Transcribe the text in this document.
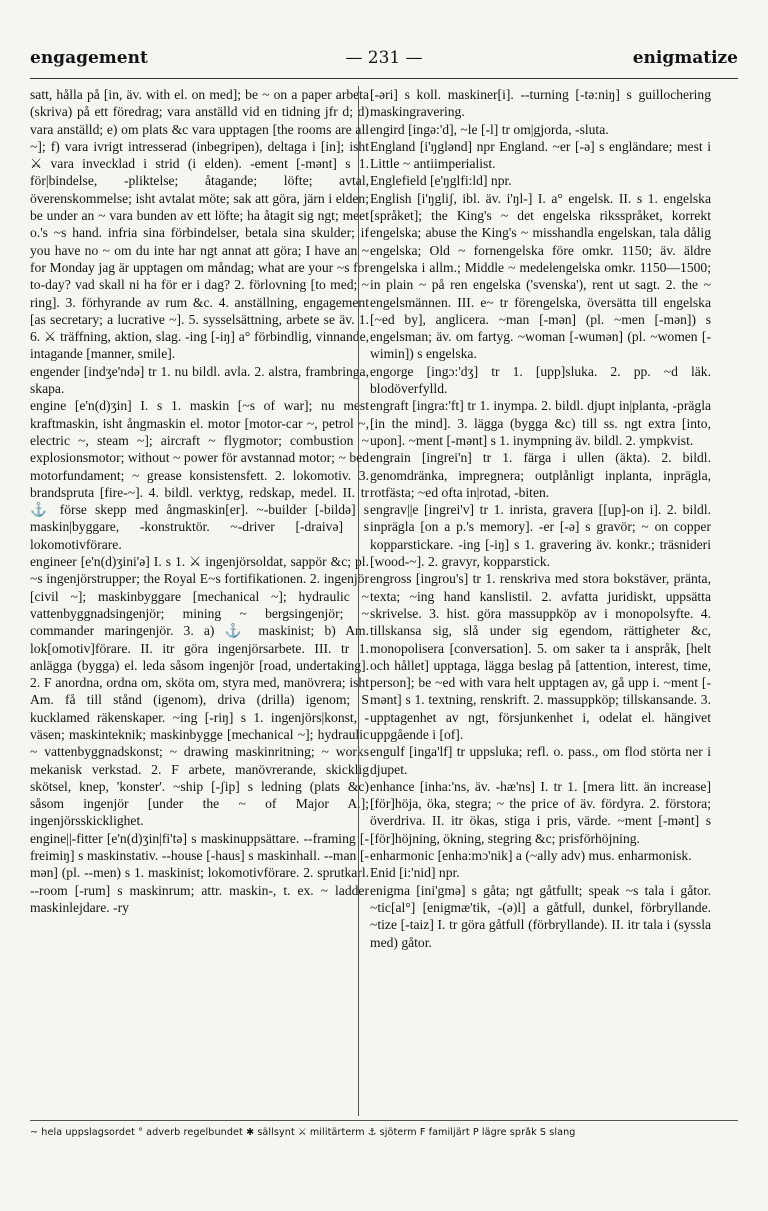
engagement	— 231 —	enigmatize

satt, hålla på [in, äv. with el. on med]; be ~ on a paper arbeta (skriva) på ett föredrag; vara anställd vid en tidning jfr d; d) vara anställd; e) om plats &c vara upptagen [the rooms are all ~]; f) vara ivrigt intresserad (inbegripen), deltaga i [in]; isht ⚔ vara invecklad i strid (i elden). -ement [-mənt] s 1. för|bindelse, -pliktelse; åtagande; löfte; avtal, överenskommelse; isht avtalat möte; sak att göra, järn i elden; be under an ~ vara bunden av ett löfte; ha åtagit sig ngt; meet o.'s ~s hand. infria sina förbindelser, betala sina skulder; if you have no ~ om du inte har ngt annat att göra; I have an ~ for Monday jag är upptagen om måndag; what are your ~s for to-day? vad skall ni ha för er i dag? 2. förlovning [to med; ~ ring]. 3. förhyrande av rum &c. 4. anställning, engagement [as secretary; a lucrative ~]. 5. sysselsättning, arbete se äv. 1. 6. ⚔ träffning, aktion, slag. -ing [-iŋ] a° förbindlig, vinnande, intagande [manner, smile].

engender [indʒe'ndə] tr 1. nu bildl. avla. 2. alstra, frambringa, skapa.

engine [e'n(d)ʒin] I. s 1. maskin [~s of war]; nu mest kraftmaskin, isht ångmaskin el. motor [motor-car ~, petrol ~, electric ~, steam ~]; aircraft ~ flygmotor; combustion ~ explosionsmotor; without ~ power för avstannad motor; ~ bed motorfundament; ~ grease konsistensfett. 2. lokomotiv. 3. brandspruta [fire-~]. 4. bildl. verktyg, redskap, medel. II. tr ⚓ förse skepp med ångmaskin[er]. ~-builder [-bildə] s maskin|byggare, -konstruktör. ~-driver [-draivə] s lokomotivförare.

engineer [e'n(d)ʒini'ə] I. s 1. ⚔ ingenjörsoldat, sappör &c; pl. ~s ingenjörstrupper; the Royal E~s fortifikationen. 2. ingenjör [civil ~]; maskinbyggare [mechanical ~]; hydraulic ~ vattenbyggnadsingenjör; mining ~ bergsingenjör; ~ commander maringenjör. 3. a) ⚓ maskinist; b) Am. lok[omotiv]förare. II. itr göra ingenjörsarbete. III. tr 1. anlägga (bygga) el. leda såsom ingenjör [road, undertaking]. 2. F anordna, ordna om, sköta om, styra med, manövrera; isht Am. få till stånd (igenom), driva (drilla) igenom; S kucklamed räkenskaper. ~ing [-riŋ] s 1. ingenjörs|konst, -väsen; maskinteknik; maskinbygge [mechanical ~]; hydraulic ~ vattenbyggnadskonst; ~ drawing maskinritning; ~ works mekanisk verkstad. 2. F arbete, manövrerande, skicklig skötsel, knep, 'konster'. ~ship [-ʃip] s ledning (plats &c) såsom ingenjör [under the ~ of Major A.]; ingenjörsskicklighet.

engine||-fitter [e'n(d)ʒin|fi'tə] s maskinuppsättare. --framing [-freimiŋ] s maskinstativ. --house [-haus] s maskinhall. --man [-mən] (pl. --men) s 1. maskinist; lokomotivförare. 2. sprutkarl. --room [-rum] s maskinrum; attr. maskin-, t. ex. ~ ladder maskinlejdare. -ry

[-əri] s koll. maskiner[i]. --turning [-tə:niŋ] s guillochering maskingravering.

engird [ingə:'d], ~le [-l] tr om|gjorda, -sluta.

England [i'ŋglənd] npr England. ~er [-ə] s engländare; mest i Little ~ antiimperialist.

Englefield [e'ŋglfi:ld] npr.

English [i'ŋgliʃ, ibl. äv. i'ŋl-] I. a° engelsk. II. s 1. engelska [språket]; the King's ~ det engelska riksspråket, korrekt engelska; abuse the King's ~ misshandla engelskan, tala dålig engelska; Old ~ fornengelska före omkr. 1150; äv. äldre engelska i allm.; Middle ~ medelengelska omkr. 1150—1500; in plain ~ på ren engelska ('svenska'), rent ut sagt. 2. the ~ engelsmännen. III. e~ tr förengelska, översätta till engelska [~ed by], anglicera. ~man [-mən] (pl. ~men [-mən]) s engelsman; äv. om fartyg. ~woman [-wumən] (pl. ~women [-wimin]) s engelska.

engorge [ingɔ:'dʒ] tr 1. [upp]sluka. 2. pp. ~d läk. blodöverfylld.

engraft [ingra:'ft] tr 1. inympa. 2. bildl. djupt in|planta, -prägla [in the mind]. 3. lägga (bygga &c) till ss. ngt extra [into, upon]. ~ment [-mənt] s 1. inympning äv. bildl. 2. ympkvist.

engrain [ingrei'n] tr 1. färga i ullen (äkta). 2. bildl. genomdränka, impregnera; outplånligt inplanta, inpräglа, rotfästa; ~ed ofta in|rotad, -biten.

engrav||e [ingrei'v] tr 1. inrista, gravera [[up]-on i]. 2. bildl. inprägla [on a p.'s memory]. -er [-ə] s gravör; ~ on copper kopparstickare. -ing [-iŋ] s 1. gravering äv. konkr.; träsnideri [wood-~]. 2. gravyr, kopparstick.

engross [ingrou's] tr 1. renskriva med stora bokstäver, pränta, texta; ~ing hand kanslistil. 2. avfatta juridiskt, uppsätta skrivelse. 3. hist. göra massuppköp av i monopolsyfte. 4. tillskansa sig, slå under sig egendom, rättigheter &c, monopolisera [conversation]. 5. om saker ta i anspråk, [helt och hållet] upptaga, lägga beslag på [attention, interest, time, person]; be ~ed with vara helt upptagen av, gå upp i. ~ment [-mənt] s 1. textning, renskrift. 2. massuppköp; tillskansande. 3. upptagenhet av ngt, försjunkenhet i, odelat el. hängivet uppgående i [of].

engulf [inga'lf] tr uppsluka; refl. o. pass., om flod störta ner i djupet.

enhance [inha:'ns, äv. -hæ'ns] I. tr 1. [mera litt. än increase] [för]höja, öka, stegra; ~ the price of äv. fördyra. 2. förstora; överdriva. II. itr ökas, stiga i pris, värde. ~ment [-mənt] s [för]höjning, ökning, stegring &c; prisförhöjning.

enharmonic [enha:mɔ'nik] a (~ally adv) mus. enharmonisk.

Enid [i:'nid] npr.

enigma [ini'gmə] s gåta; ngt gåtfullt; speak ~s tala i gåtor. ~tic[al°] [enigmæ'tik, -(ə)l] a gåtfull, dunkel, förbryllande. ~tize [-taiz] I. tr göra gåtfull (förbryllande). II. itr tala i (syssla med) gåtor.

~ hela uppslagsordet ° adverb regelbundet ✱ sällsynt ⚔ militärterm ⚓ sjöterm F familjärt P lägre språk S slang
